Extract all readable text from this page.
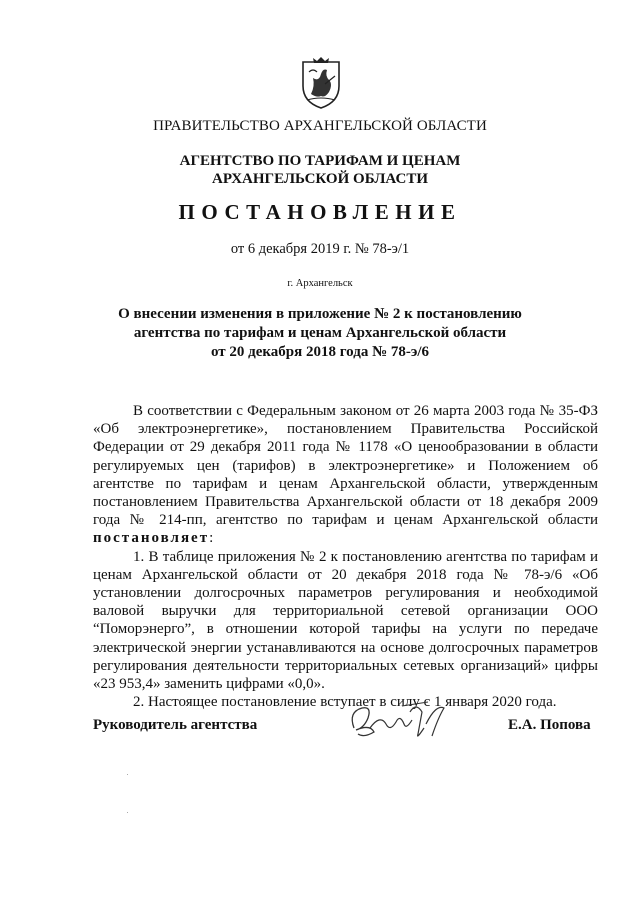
ПРАВИТЕЛЬСТВО АРХАНГЕЛЬСКОЙ ОБЛАСТИ
АГЕНТСТВО ПО ТАРИФАМ И ЦЕНАМ
АРХАНГЕЛЬСКОЙ ОБЛАСТИ
ПОСТАНОВЛЕНИЕ
от 6 декабря 2019 г. № 78-э/1
г. Архангельск
О внесении изменения в приложение № 2 к постановлению
агентства по тарифам и ценам Архангельской области
от 20 декабря 2018 года № 78-э/6

В соответствии с Федеральным законом от 26 марта 2003 года № 35-ФЗ «Об электроэнергетике», постановлением Правительства Российской Федерации от 29 декабря 2011 года № 1178 «О ценообразовании в области регулируемых цен (тарифов) в электроэнергетике» и Положением об агентстве по тарифам и ценам Архангельской области, утвержденным постановлением Правительства Архангельской области от 18 декабря 2009 года № 214-пп, агентство по тарифам и ценам Архангельской области постановляет:

1. В таблице приложения № 2 к постановлению агентства по тарифам и ценам Архангельской области от 20 декабря 2018 года № 78-э/6 «Об установлении долгосрочных параметров регулирования и необходимой валовой выручки для территориальной сетевой организации ООО “Поморэнерго”, в отношении которой тарифы на услуги по передаче электрической энергии устанавливаются на основе долгосрочных параметров регулирования деятельности территориальных сетевых организаций» цифры «23 953,4» заменить цифрами «0,0».

2. Настоящее постановление вступает в силу с 1 января 2020 года.

Руководитель агентства	Е.А. Попова
